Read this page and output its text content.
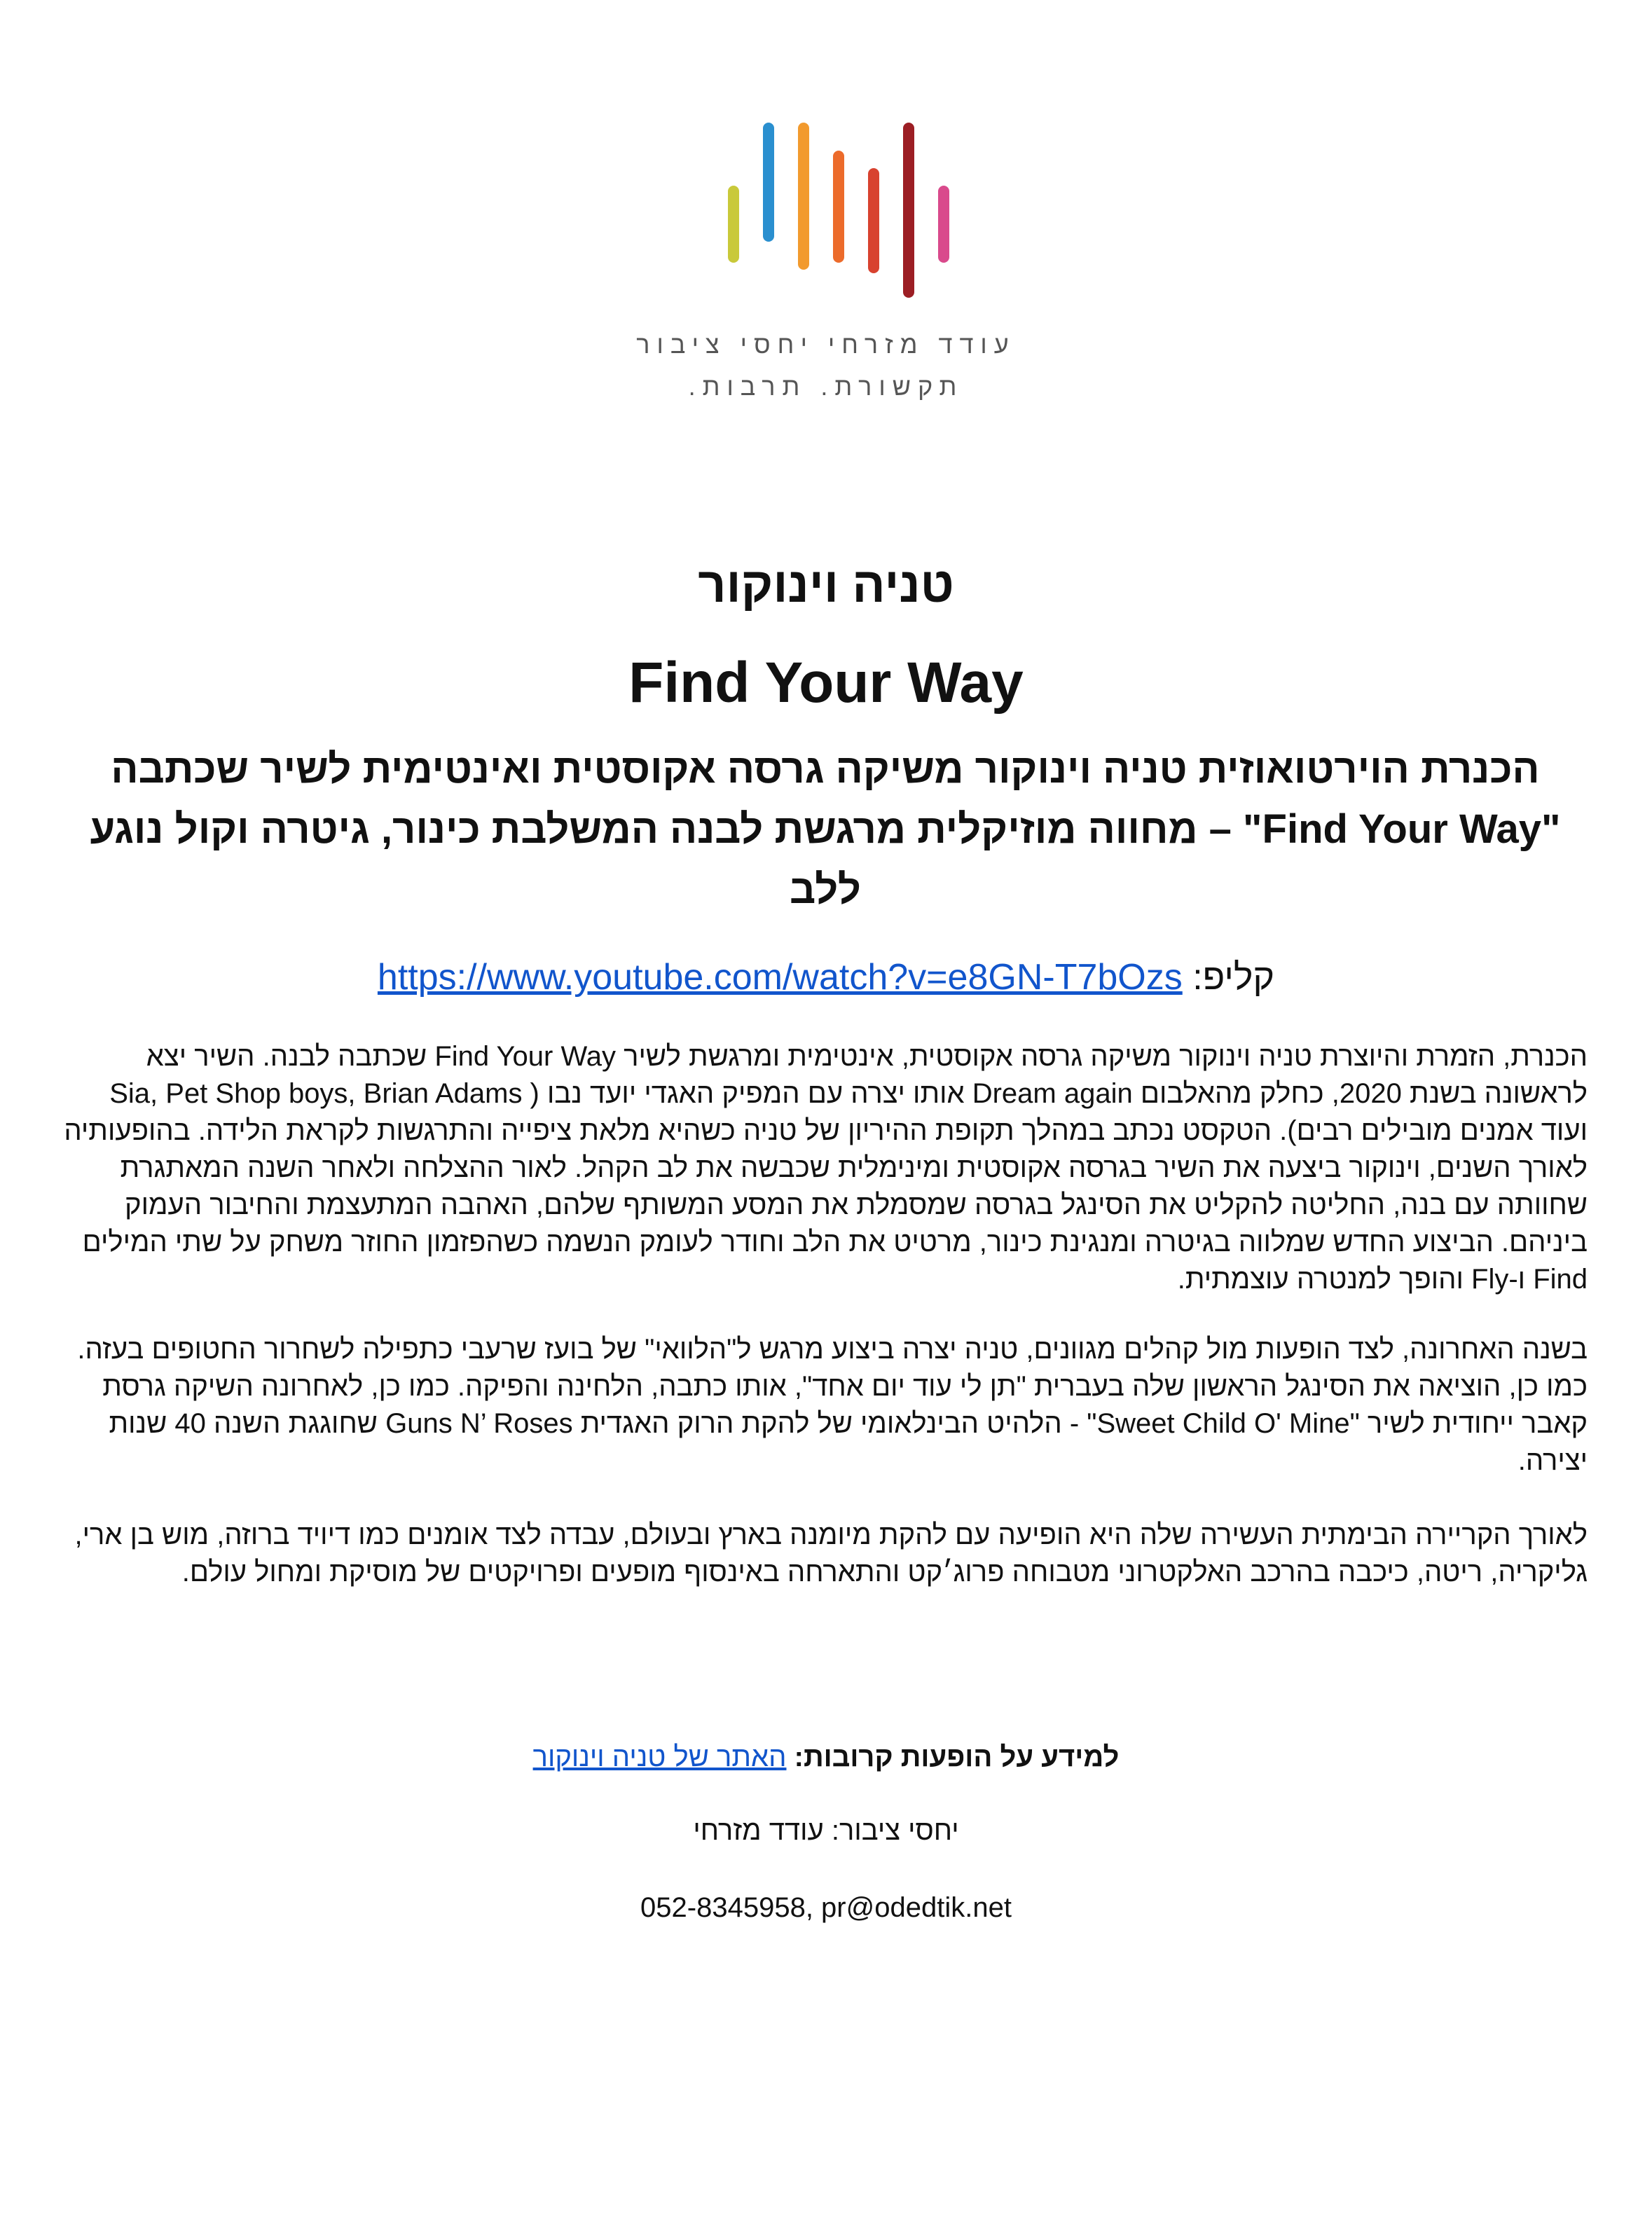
עודד מזרחי יחסי ציבור
תקשורת. תרבות.
טניה וינוקור
Find Your Way
הכנרת הוירטואוזית טניה וינוקור משיקה גרסה אקוסטית ואינטימית לשיר שכתבה "Find Your Way" – מחווה מוזיקלית מרגשת לבנה המשלבת כינור, גיטרה וקול נוגע ללב
קליפ: https://www.youtube.com/watch?v=e8GN-T7bOzs
הכנרת, הזמרת והיוצרת טניה וינוקור משיקה גרסה אקוסטית, אינטימית ומרגשת לשיר Find Your Way שכתבה לבנה. השיר יצא לראשונה בשנת 2020, כחלק מהאלבום Dream again אותו יצרה עם המפיק האגדי יועד נבו ( Sia, Pet Shop boys, Brian Adams ועוד אמנים מובילים רבים). הטקסט נכתב במהלך תקופת ההיריון של טניה כשהיא מלאת ציפייה והתרגשות לקראת הלידה. בהופעותיה לאורך השנים, וינוקור ביצעה את השיר בגרסה אקוסטית ומינימלית שכבשה את לב הקהל. לאור ההצלחה ולאחר השנה המאתגרת שחוותה עם בנה, החליטה להקליט את הסינגל בגרסה שמסמלת את המסע המשותף שלהם, האהבה המתעצמת והחיבור העמוק ביניהם. הביצוע החדש שמלווה בגיטרה ומנגינת כינור, מרטיט את הלב וחודר לעומק הנשמה כשהפזמון החוזר משחק על שתי המילים Find ו-Fly והופך למנטרה עוצמתית.
בשנה האחרונה, לצד הופעות מול קהלים מגוונים, טניה יצרה ביצוע מרגש ל"הלוואי" של בועז שרעבי כתפילה לשחרור החטופים בעזה. כמו כן, הוציאה את הסינגל הראשון שלה בעברית "תן לי עוד יום אחד", אותו כתבה, הלחינה והפיקה. כמו כן, לאחרונה השיקה גרסת קאבר ייחודית לשיר "Sweet Child O' Mine" - הלהיט הבינלאומי של להקת הרוק האגדית Guns N’ Roses שחוגגת השנה 40 שנות יצירה.
לאורך הקריירה הבימתית העשירה שלה היא הופיעה עם להקת מיומנה בארץ ובעולם, עבדה לצד אומנים כמו דיויד ברוזה, מוש בן ארי, גליקריה, ריטה, כיכבה בהרכב האלקטרוני מטבוחה פרוג׳קט והתארחה באינסוף מופעים ופרויקטים של מוסיקת ומחול עולם.
למידע על הופעות קרובות: האתר של טניה וינוקור
יחסי ציבור: עודד מזרחי
052-8345958, pr@odedtik.net
